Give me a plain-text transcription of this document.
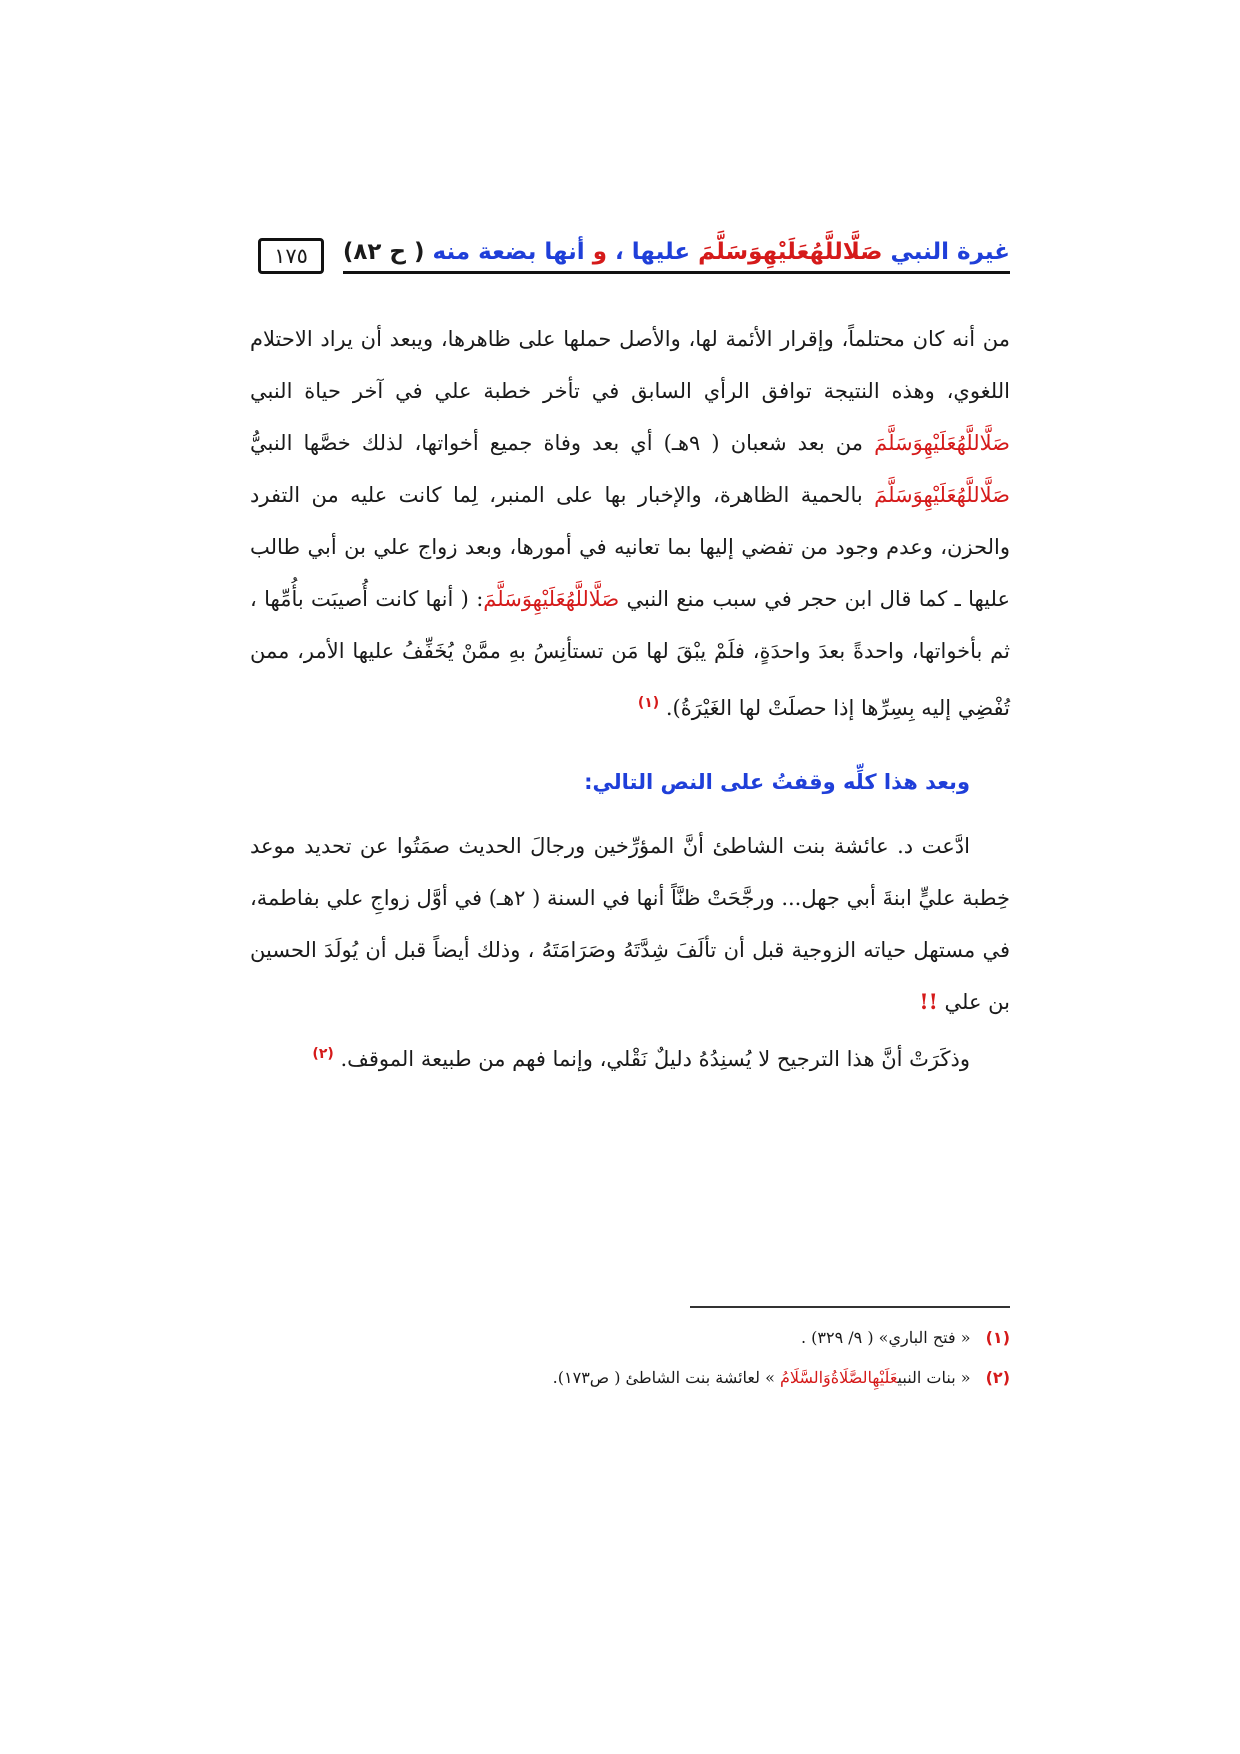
غيرة النبي صَلَّاللَّهُعَلَيْهِوَسَلَّمَ عليها ، و أنها بضعة منه ( ح ٨٢)
١٧٥

من أنه كان محتلماً، وإقرار الأئمة لها، والأصل حملها على ظاهرها، ويبعد أن يراد الاحتلام اللغوي، وهذه النتيجة توافق الرأي السابق في تأخر خطبة علي في آخر حياة النبي صَلَّاللَّهُعَلَيْهِوَسَلَّمَ من بعد شعبان ( ٩هـ) أي بعد وفاة جميع أخواتها، لذلك خصَّها النبيُّ صَلَّاللَّهُعَلَيْهِوَسَلَّمَ بالحمية الظاهرة، والإخبار بها على المنبر، لِما كانت عليه من التفرد والحزن، وعدم وجود من تفضي إليها بما تعانيه في أمورها، وبعد زواج علي بن أبي طالب عليها ـ كما قال ابن حجر في سبب منع النبي صَلَّاللَّهُعَلَيْهِوَسَلَّمَ: ( أنها كانت أُصيبَت بأُمِّها ، ثم بأخواتها، واحدةً بعدَ واحدَةٍ، فلَمْ يبْقَ لها مَن تستأنِسُ بهِ ممَّنْ يُخَفِّفُ عليها الأمر، ممن تُفْضِي إليه بِسِرِّها إذا حصلَتْ لها الغَيْرَةُ). $^{(١)}$

وبعد هذا كلِّه وقفتُ على النص التالي:

ادَّعت د. عائشة بنت الشاطئ أنَّ المؤرِّخين ورجالَ الحديث صمَتُوا عن تحديد موعد خِطبة عليٍّ ابنةَ أبي جهل... ورجَّحَتْ ظنَّاً أنها في السنة ( ٢هـ) في أوَّل زواجِ علي بفاطمة، في مستهل حياته الزوجية قبل أن تألَفَ شِدَّتَهُ وصَرَامَتَهُ ، وذلك أيضاً قبل أن يُولَدَ الحسين بن علي !!

وذكَرَتْ أنَّ هذا الترجيح لا يُسنِدُهُ دليلٌ نَقْلي، وإنما فهم من طبيعة الموقف. $^{(٢)}$

(١) « فتح الباري» ( ٩/ ٣٢٩) .

(٢) « بنات النبيعَلَيْهِالصَّلَاةُوَالسَّلَامُ » لعائشة بنت الشاطئ ( ص١٧٣).
